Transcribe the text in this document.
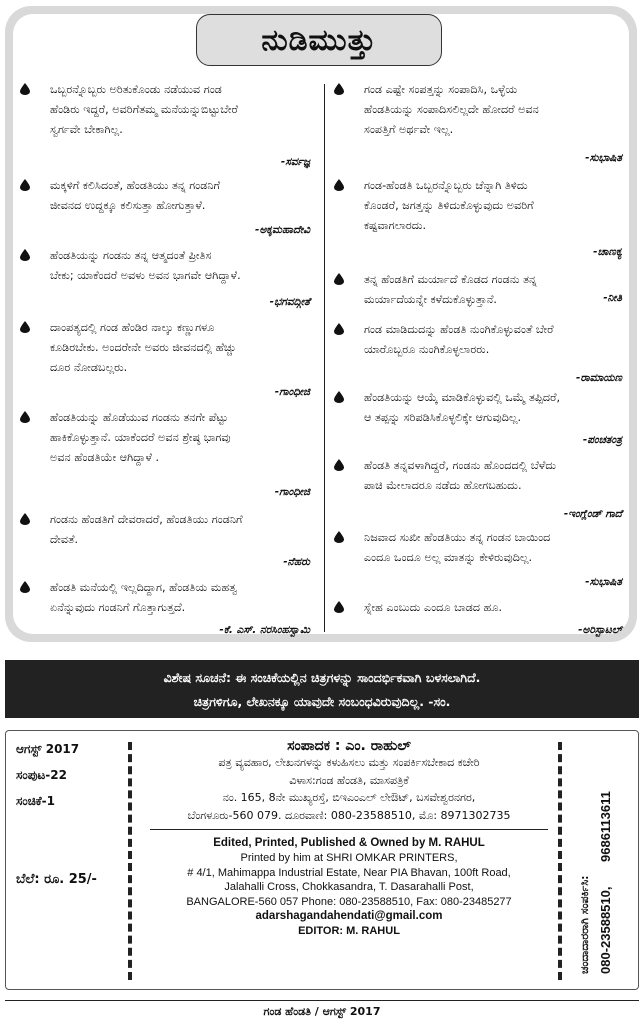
ನುಡಿಮುತ್ತು
ಒಬ್ಬರನ್ನೊಬ್ಬರು ಅರಿತುಕೊಂಡು ನಡೆಯುವ ಗಂಡ
ಹೆಂಡಿರು ಇದ್ದರೆ, ಅವರಿಗೆತಮ್ಮ ಮನೆಯನ್ನುಬಿಟ್ಟುಬೇರೆ
ಸ್ವರ್ಗವೇ ಬೇಕಾಗಿಲ್ಲ.
-ಸರ್ವಜ್ಞ
ಮಕ್ಕಳಿಗೆ ಕಲಿಸಿದಂತೆ, ಹೆಂಡತಿಯು ತನ್ನ ಗಂಡನಿಗೆ
ಜೀವನದ ಉದ್ದಕ್ಕೂ ಕಲಿಸುತ್ತಾ ಹೋಗುತ್ತಾಳೆ.
-ಅಕ್ಕಮಹಾದೇವಿ
ಹೆಂಡತಿಯನ್ನು ಗಂಡನು ತನ್ನ ಆತ್ಮದಂತೆ ಪ್ರೀತಿಸ
ಬೇಕು; ಯಾಕೆಂದರೆ ಅವಳು ಅವನ ಭಾಗವೇ ಆಗಿದ್ದಾಳೆ.
-ಭಗವದ್ಗೀತೆ
ದಾಂಪತ್ಯದಲ್ಲಿ ಗಂಡ ಹೆಂಡಿರ ನಾಲ್ಕು ಕಣ್ಣುಗಳೂ
ಕೂಡಿರಬೇಕು. ಅಂದರೇನೇ ಅವರು ಜೀವನದಲ್ಲಿ ಹೆಚ್ಚು
ದೂರ ನೋಡಬಲ್ಲರು.
-ಗಾಂಧೀಜಿ
ಹೆಂಡತಿಯನ್ನು ಹೊಡೆಯುವ ಗಂಡನು ತನಗೇ ಪೆಟ್ಟು
ಹಾಕಿಕೊಳ್ಳುತ್ತಾನೆ. ಯಾಕೆಂದರೆ ಅವನ ಶ್ರೇಷ್ಠ ಭಾಗವು
ಅವನ ಹೆಂಡತಿಯೇ ಆಗಿದ್ದಾಳೆ .
-ಗಾಂಧೀಜಿ
ಗಂಡನು ಹೆಂಡತಿಗೆ ದೇವರಾದರೆ, ಹೆಂಡತಿಯು ಗಂಡನಿಗೆ
ದೇವತೆ.
-ನೆಹರು
ಹೆಂಡತಿ ಮನೆಯಲ್ಲಿ ಇಲ್ಲದಿದ್ದಾಗ, ಹೆಂಡತಿಯ ಮಹತ್ವ
ಏನೆನ್ನುವುದು ಗಂಡನಿಗೆ ಗೊತ್ತಾಗುತ್ತದೆ.
-ಕೆ. ಎಸ್. ನರಸಿಂಹಸ್ವಾಮಿ
ಗಂಡ ಎಷ್ಟೇ ಸಂಪತ್ತನ್ನು ಸಂಪಾದಿಸಿ, ಒಳ್ಳೆಯ
ಹೆಂಡತಿಯನ್ನು ಸಂಪಾದಿಸಲಿಲ್ಲದೇ ಹೋದರೆ ಅವನ
ಸಂಪತ್ತಿಗೆ ಅರ್ಥವೇ ಇಲ್ಲ.
-ಸುಭಾಷಿತ
ಗಂಡ-ಹೆಂಡತಿ ಒಬ್ಬರನ್ನೊಬ್ಬರು ಚೆನ್ನಾಗಿ ತಿಳಿದು
ಕೊಂಡರೆ, ಜಗತ್ತನ್ನು ತಿಳಿದುಕೊಳ್ಳುವುದು ಅವರಿಗೆ
ಕಷ್ಟವಾಗಲಾರದು.
-ಚಾಣಕ್ಯ
ತನ್ನ ಹೆಂಡತಿಗೆ ಮರ್ಯಾದೆ ಕೊಡದ ಗಂಡನು ತನ್ನ
ಮರ್ಯಾದೆಯನ್ನೇ ಕಳೆದುಕೊಳ್ಳುತ್ತಾನೆ.	-ನೀತಿ
ಗಂಡ ಮಾಡಿದುದನ್ನು ಹೆಂಡತಿ ನುಂಗಿಕೊಳ್ಳುವಂತೆ ಬೇರೆ
ಯಾರೊಬ್ಬರೂ ನುಂಗಿಕೊಳ್ಳಲಾರರು.
-ರಾಮಾಯಣ
ಹೆಂಡತಿಯನ್ನು ಆಯ್ಕೆ ಮಾಡಿಕೊಳ್ಳುವಲ್ಲಿ ಒಮ್ಮೆ ತಪ್ಪಿದರೆ,
ಆ ತಪ್ಪನ್ನು ಸರಿಪಡಿಸಿಕೊಳ್ಳಲಿಕ್ಕೇ ಆಗುವುದಿಲ್ಲ.
-ಪಂಚತಂತ್ರ
ಹೆಂಡತಿ ತನ್ನವಳಾಗಿದ್ದರೆ, ಗಂಡನು ಹೊಂದದಲ್ಲಿ ಬೆಳೆದು
ಪಾಚಿ ಮೇಲಾದರೂ ನಡೆದು ಹೋಗಬಹುದು.
-ಇಂಗ್ಲೆಂಡ್ ಗಾದೆ
ನಿಜವಾದ ಸುಖೀ ಹೆಂಡತಿಯು ತನ್ನ ಗಂಡನ ಬಾಯಿಂದ
ಎಂದೂ ಒಂದೂ ಅಲ್ಲ ಮಾತನ್ನು ಕೇಳಿರುವುದಿಲ್ಲ.
-ಸುಭಾಷಿತ
ಸ್ನೇಹ ಎಂಬುದು ಎಂದೂ ಬಾಡದ ಹೂ.
-ಅರಿಸ್ಟಾಟಲ್
ವಿಶೇಷ ಸೂಚನೆ: ಈ ಸಂಚಿಕೆಯಲ್ಲಿನ ಚಿತ್ರಗಳನ್ನು ಸಾಂದರ್ಭಿಕವಾಗಿ ಬಳಸಲಾಗಿದೆ.
ಚಿತ್ರಗಳಿಗೂ, ಲೇಖನಕ್ಕೂ ಯಾವುದೇ ಸಂಬಂಧವಿರುವುದಿಲ್ಲ. -ಸಂ.
ಆಗಸ್ಟ್ 2017
ಸಂಪುಟ-22
ಸಂಚಿಕೆ-1
ಬೆಲೆ: ರೂ. 25/-
ಸಂಪಾದಕ : ಎಂ. ರಾಹುಲ್
ಪತ್ರ ವ್ಯವಹಾರ, ಲೇಖನಗಳನ್ನು ಕಳುಹಿಸಲು ಮತ್ತು ಸಂಪರ್ಕಿಸಬೇಕಾದ ಕಚೇರಿ
ವಿಳಾಸ:ಗಂಡ ಹೆಂಡತಿ, ಮಾಸಪತ್ರಿಕೆ
ನಂ. 165, 8ನೇ ಮುಖ್ಯರಸ್ತೆ, ಬಿಇಎಂಎಲ್ ಲೇಔಟ್, ಬಸವೇಶ್ವರನಗರ,
ಬೆಂಗಳೂರು-560 079. ದೂರವಾಣಿ: 080-23588510, ಮೊ: 8971302735
Edited, Printed, Published & Owned by M. RAHUL
Printed by him at SHRI OMKAR PRINTERS,
# 4/1, Mahimappa Industrial Estate, Near PIA Bhavan, 100ft Road,
Jalahalli Cross, Chokkasandra, T. Dasarahalli Post,
BANGALORE-560 057 Phone: 080-23588510, Fax: 080-23485277
adarshagandahendati@gmail.com
EDITOR: M. RAHUL	ಚಂದಾದಾರರಾಗಿ ಸಂಪರ್ಕಿಸಿ: 080-23588510,
9686113611
ಗಂಡ ಹೆಂಡತಿ / ಆಗಸ್ಟ್ 2017
